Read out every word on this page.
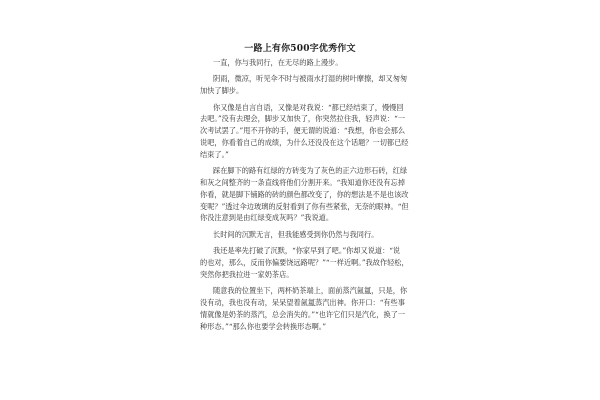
一路上有你500字优秀作文
一直，你与我同行，在无尽的路上漫步。
阴雨，微凉，听见伞不时与被雨水打湿的树叶摩擦，却又匆匆
加快了脚步。
你又像是自言自语，又像是对我说：“都已经结束了，慢慢回
去吧。”没有去理会，脚步又加快了，你突然拉住我，轻声说：“一
次考试罢了。”甩不开你的手，便无谓的说道：“我想，你也会那么
说吧，你看着自己的成绩，为什么还没没在这个话题？一切都已经
结束了。”
踩在脚下的路有红绿的方砖变为了灰色的正六边形石砖，红绿
和灰之间整齐的一条直线将他们分割开来。“我知道你还没有忘掉
你看，就是脚下铺路的砖的颜色都改变了，你的想法是不是也该改
变呢？”透过伞边玻璃的反射看到了你有些紧张，无奈的眼神。“但
你没注意到是由红绿变成灰吗？”我说道。
长时间的沉默无言，但我能感受到你仍然与我同行。
我还是率先打破了沉默，“你家早到了吧。”你却又说道：“说
的也对，那么，反而你偏要饶远路呢？”“一样近啊。”我故作轻松，
突然你把我拉进一家奶茶店。
随意我的位置坐下，两杯奶茶端上，面前蒸汽氤氲，只是，你
没有动，我也没有动，呆呆望着氤氲蒸汽出神。你开口：“有些事
情就像是奶茶的蒸汽，总会消失的。”“也许它们只是汽化，换了一
种形态。”“那么你也要学会转换形态啊。”
